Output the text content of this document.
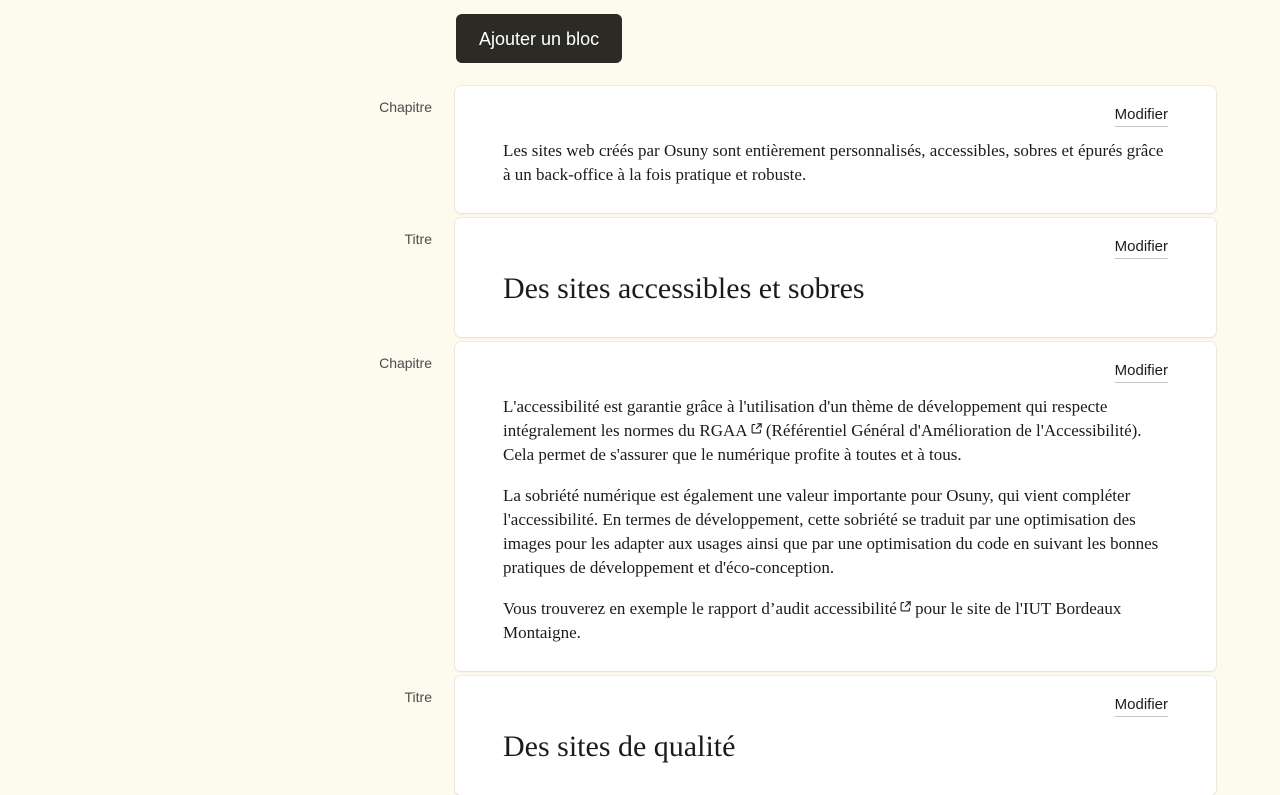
Ajouter un bloc
Chapitre	Modifier

Les sites web créés par Osuny sont entièrement personnalisés, accessibles, sobres et épurés grâce à un back-office à la fois pratique et robuste.

Titre	Modifier
Des sites accessibles et sobres
Chapitre	Modifier

L'accessibilité est garantie grâce à l'utilisation d'un thème de développement qui respecte intégralement les normes du RGAA (Référentiel Général d'Amélioration de l'Accessibilité). Cela permet de s'assurer que le numérique profite à toutes et à tous.

La sobriété numérique est également une valeur importante pour Osuny, qui vient compléter l'accessibilité. En termes de développement, cette sobriété se traduit par une optimisation des images pour les adapter aux usages ainsi que par une optimisation du code en suivant les bonnes pratiques de développement et d'éco-conception.

Vous trouverez en exemple le rapport d’audit accessibilité pour le site de l'IUT Bordeaux Montaigne.

Titre	Modifier
Des sites de qualité
